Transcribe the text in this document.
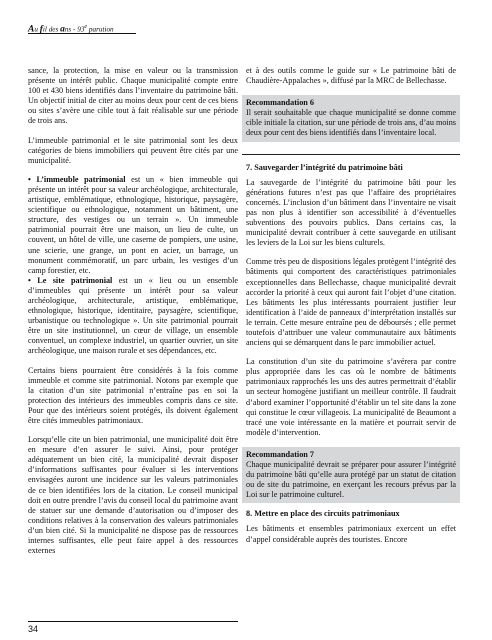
Au fil des ans - 93e parution

sance, la protection, la mise en valeur ou la transmission présente un intérêt public. Chaque municipalité compte entre 100 et 430 biens identifiés dans l’inventaire du patrimoine bâti. Un objectif initial de citer au moins deux pour cent de ces biens ou sites s’avère une cible tout à fait réalisable sur une période de trois ans.

L’immeuble patrimonial et le site patrimonial sont les deux catégories de biens immobiliers qui peuvent être cités par une municipalité.

• L’immeuble patrimonial est un « bien immeuble qui présente un intérêt pour sa valeur archéologique, architecturale, artistique, emblématique, ethnologique, historique, paysagère, scientifique ou ethnologique, notamment un bâtiment, une structure, des vestiges ou un terrain ». Un immeuble patrimonial pourrait être une maison, un lieu de culte, un couvent, un hôtel de ville, une caserne de pompiers, une usine, une scierie, une grange, un pont en acier, un barrage, un monument commémoratif, un parc urbain, les vestiges d’un camp forestier, etc.

• Le site patrimonial est un « lieu ou un ensemble d’immeubles qui présente un intérêt pour sa valeur archéologique, architecturale, artistique, emblématique, ethnologique, historique, identitaire, paysagère, scientifique, urbanistique ou technologique ». Un site patrimonial pourrait être un site institutionnel, un cœur de village, un ensemble conventuel, un complexe industriel, un quartier ouvrier, un site archéologique, une maison rurale et ses dépendances, etc.

Certains biens pourraient être considérés à la fois comme immeuble et comme site patrimonial. Notons par exemple que la citation d’un site patrimonial n’entraîne pas en soi la protection des intérieurs des immeubles compris dans ce site. Pour que des intérieurs soient protégés, ils doivent également être cités immeubles patrimoniaux.

Lorsqu’elle cite un bien patrimonial, une municipalité doit être en mesure d’en assurer le suivi. Ainsi, pour protéger adéquatement un bien cité, la municipalité devrait disposer d’informations suffisantes pour évaluer si les interventions envisagées auront une incidence sur les valeurs patrimoniales de ce bien identifiées lors de la citation. Le conseil municipal doit en outre prendre l’avis du conseil local du patrimoine avant de statuer sur une demande d’autorisation ou d’imposer des conditions relatives à la conservation des valeurs patrimoniales d’un bien cité. Si la municipalité ne dispose pas de ressources internes suffisantes, elle peut faire appel à des ressources externes

et à des outils comme le guide sur « Le patrimoine bâti de Chaudière-Appalaches », diffusé par la MRC de Bellechasse.

Recommandation 6
Il serait souhaitable que chaque municipalité se donne comme cible initiale la citation, sur une période de trois ans, d’au moins deux pour cent des biens identifiés dans l’inventaire local.
7. Sauvegarder l’intégrité du patrimoine bâti

La sauvegarde de l’intégrité du patrimoine bâti pour les générations futures n’est pas que l’affaire des propriétaires concernés. L’inclusion d’un bâtiment dans l’inventaire ne visait pas non plus à identifier son accessibilité à d’éventuelles subventions des pouvoirs publics. Dans certains cas, la municipalité devrait contribuer à cette sauvegarde en utilisant les leviers de la Loi sur les biens culturels.

Comme très peu de dispositions légales protègent l’intégrité des bâtiments qui comportent des caractéristiques patrimoniales exceptionnelles dans Bellechasse, chaque municipalité devrait accorder la priorité à ceux qui auront fait l’objet d’une citation. Les bâtiments les plus intéressants pourraient justifier leur identification à l’aide de panneaux d’interprétation installés sur le terrain. Cette mesure entraîne peu de déboursés ; elle permet toutefois d’attribuer une valeur communautaire aux bâtiments anciens qui se démarquent dans le parc immobilier actuel.

La constitution d’un site du patrimoine s’avérera par contre plus appropriée dans les cas où le nombre de bâtiments patrimoniaux rapprochés les uns des autres permettrait d’établir un secteur homogène justifiant un meilleur contrôle. Il faudrait d’abord examiner l’opportunité d’établir un tel site dans la zone qui constitue le cœur villageois. La municipalité de Beaumont a tracé une voie intéressante en la matière et pourrait servir de modèle d’intervention.

Recommandation 7
Chaque municipalité devrait se préparer pour assurer l’intégrité du patrimoine bâti qu’elle aura protégé par un statut de citation ou de site du patrimoine, en exerçant les recours prévus par la Loi sur le patrimoine culturel.
8. Mettre en place des circuits patrimoniaux

Les bâtiments et ensembles patrimoniaux exercent un effet d’appel considérable auprès des touristes. Encore

34
